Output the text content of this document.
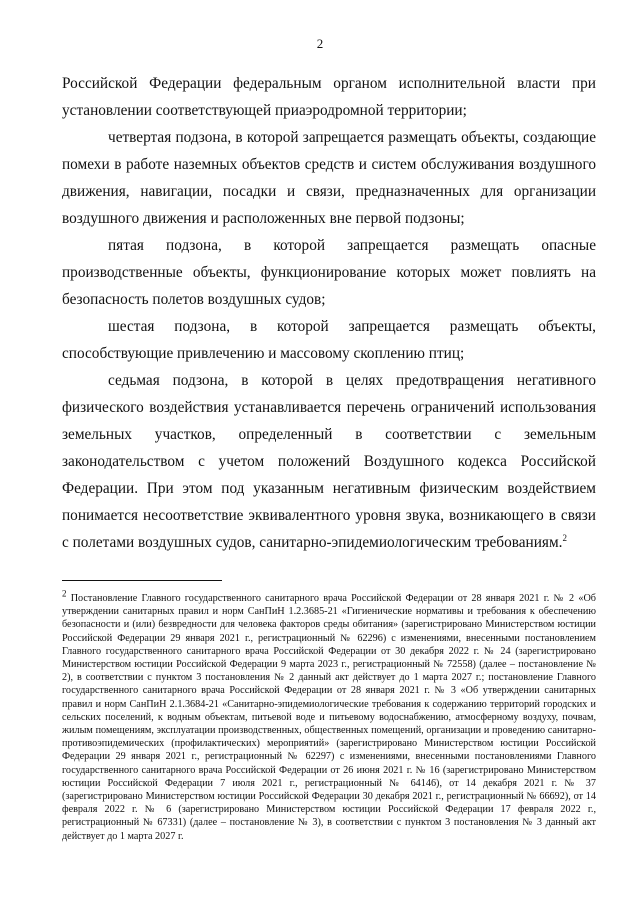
2

Российской Федерации федеральным органом исполнительной власти при установлении соответствующей приаэродромной территории;

четвертая подзона, в которой запрещается размещать объекты, создающие помехи в работе наземных объектов средств и систем обслуживания воздушного движения, навигации, посадки и связи, предназначенных для организации воздушного движения и расположенных вне первой подзоны;

пятая подзона, в которой запрещается размещать опасные производственные объекты, функционирование которых может повлиять на безопасность полетов воздушных судов;

шестая подзона, в которой запрещается размещать объекты, способствующие привлечению и массовому скоплению птиц;

седьмая подзона, в которой в целях предотвращения негативного физического воздействия устанавливается перечень ограничений использования земельных участков, определенный в соответствии с земельным законодательством с учетом положений Воздушного кодекса Российской Федерации. При этом под указанным негативным физическим воздействием понимается несоответствие эквивалентного уровня звука, возникающего в связи с полетами воздушных судов, санитарно-эпидемиологическим требованиям.$^2$

$^2$ Постановление Главного государственного санитарного врача Российской Федерации от 28 января 2021 г. № 2 «Об утверждении санитарных правил и норм СанПиН 1.2.3685-21 «Гигиенические нормативы и требования к обеспечению безопасности и (или) безвредности для человека факторов среды обитания» (зарегистрировано Министерством юстиции Российской Федерации 29 января 2021 г., регистрационный № 62296) с изменениями, внесенными постановлением Главного государственного санитарного врача Российской Федерации от 30 декабря 2022 г. № 24 (зарегистрировано Министерством юстиции Российской Федерации 9 марта 2023 г., регистрационный № 72558) (далее – постановление № 2), в соответствии с пунктом 3 постановления № 2 данный акт действует до 1 марта 2027 г.; постановление Главного государственного санитарного врача Российской Федерации от 28 января 2021 г. № 3 «Об утверждении санитарных правил и норм СанПиН 2.1.3684-21 «Санитарно-эпидемиологические требования к содержанию территорий городских и сельских поселений, к водным объектам, питьевой воде и питьевому водоснабжению, атмосферному воздуху, почвам, жилым помещениям, эксплуатации производственных, общественных помещений, организации и проведению санитарно-противоэпидемических (профилактических) мероприятий» (зарегистрировано Министерством юстиции Российской Федерации 29 января 2021 г., регистрационный № 62297) с изменениями, внесенными постановлениями Главного государственного санитарного врача Российской Федерации от 26 июня 2021 г. № 16 (зарегистрировано Министерством юстиции Российской Федерации 7 июля 2021 г., регистрационный № 64146), от 14 декабря 2021 г. № 37 (зарегистрировано Министерством юстиции Российской Федерации 30 декабря 2021 г., регистрационный № 66692), от 14 февраля 2022 г. № 6 (зарегистрировано Министерством юстиции Российской Федерации 17 февраля 2022 г., регистрационный № 67331) (далее – постановление № 3), в соответствии с пунктом 3 постановления № 3 данный акт действует до 1 марта 2027 г.
